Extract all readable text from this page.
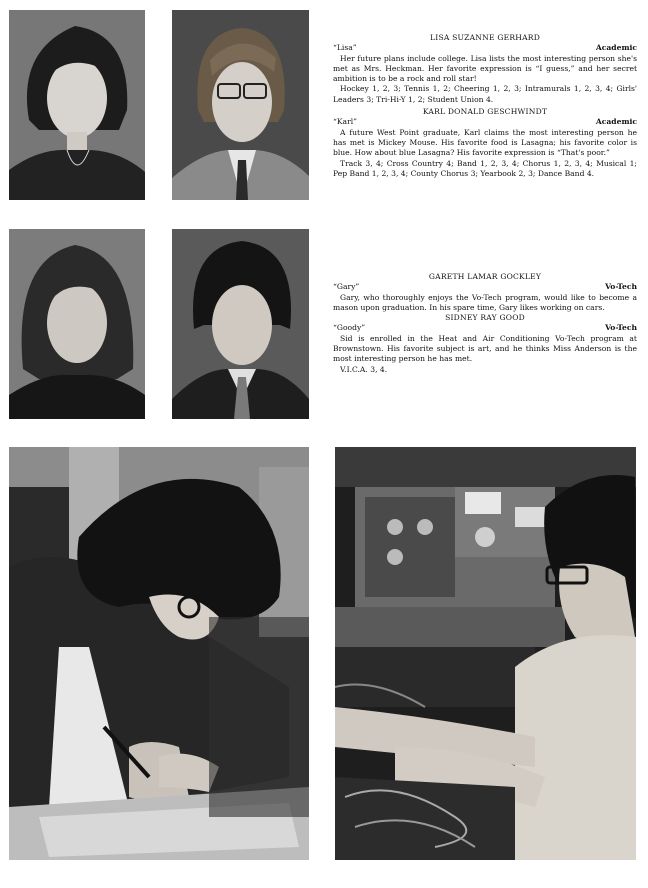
LISA SUZANNE GERHARD
“Lisa”	Academic

Her future plans include college. Lisa lists the most interesting person she's met as Mrs. Heckman. Her favorite expression is “I guess,” and her secret ambition is to be a rock and roll star!

Hockey 1, 2, 3; Tennis 1, 2; Cheering 1, 2, 3; Intramurals 1, 2, 3, 4; Girls' Leaders 3; Tri-Hi-Y 1, 2; Student Union 4.

KARL DONALD GESCHWINDT
“Karl”	Academic

A future West Point graduate, Karl claims the most interesting person he has met is Mickey Mouse. His favorite food is Lasagna; his favorite color is blue. How about blue Lasagna? His favorite expression is “That's poor.”

Track 3, 4; Cross Country 4; Band 1, 2, 3, 4; Chorus 1, 2, 3, 4; Musical 1; Pep Band 1, 2, 3, 4; County Chorus 3; Yearbook 2, 3; Dance Band 4.

GARETH LAMAR GOCKLEY
“Gary”	Vo-Tech

Gary, who thoroughly enjoys the Vo-Tech program, would like to become a mason upon graduation. In his spare time, Gary likes working on cars.

SIDNEY RAY GOOD
“Goody”	Vo-Tech

Sid is enrolled in the Heat and Air Conditioning Vo-Tech program at Brownstown. His favorite subject is art, and he thinks Miss Anderson is the most interesting person he has met.

V.I.C.A. 3, 4.
